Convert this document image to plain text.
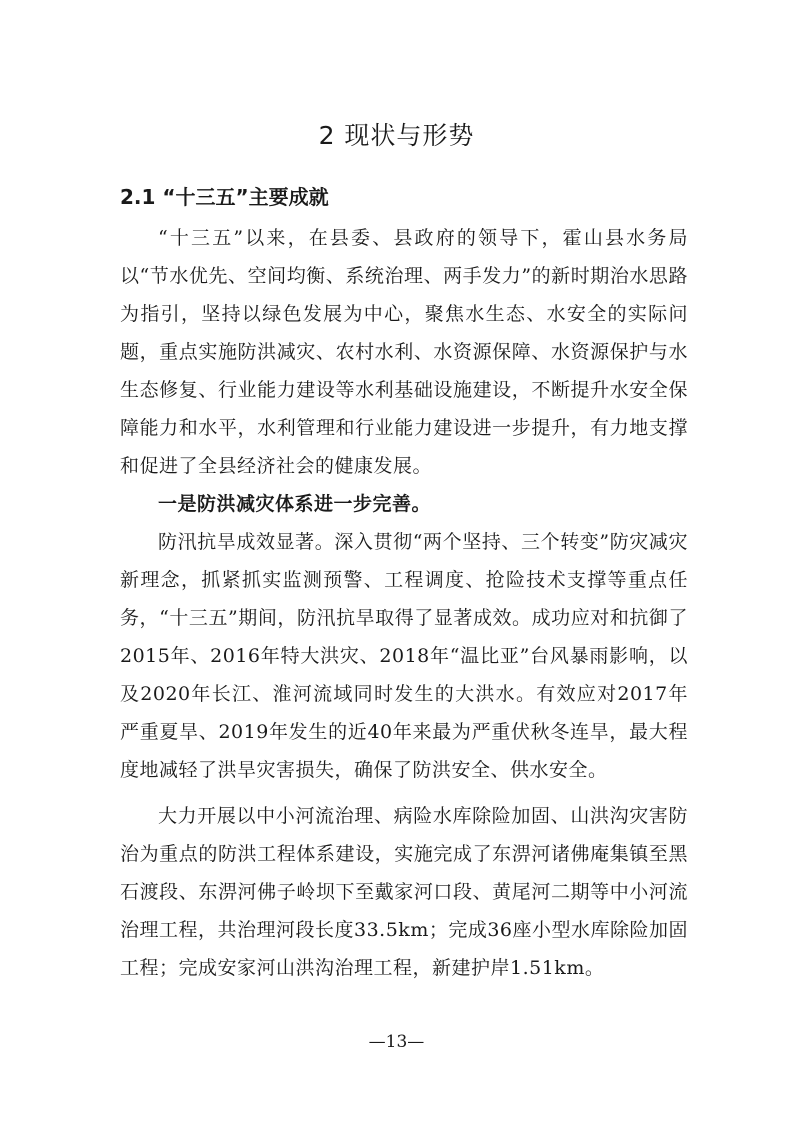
2 现状与形势
2.1 “十三五”主要成就

“十三五”以来，在县委、县政府的领导下，霍山县水务局以“节水优先、空间均衡、系统治理、两手发力”的新时期治水思路为指引，坚持以绿色发展为中心，聚焦水生态、水安全的实际问题，重点实施防洪减灾、农村水利、水资源保障、水资源保护与水生态修复、行业能力建设等水利基础设施建设，不断提升水安全保障能力和水平，水利管理和行业能力建设进一步提升，有力地支撑和促进了全县经济社会的健康发展。

一是防洪减灾体系进一步完善。

防汛抗旱成效显著。深入贯彻“两个坚持、三个转变”防灾减灾新理念，抓紧抓实监测预警、工程调度、抢险技术支撑等重点任务，“十三五”期间，防汛抗旱取得了显著成效。成功应对和抗御了2015年、2016年特大洪灾、2018年“温比亚”台风暴雨影响，以及2020年长江、淮河流域同时发生的大洪水。有效应对2017年严重夏旱、2019年发生的近40年来最为严重伏秋冬连旱，最大程度地减轻了洪旱灾害损失，确保了防洪安全、供水安全。

大力开展以中小河流治理、病险水库除险加固、山洪沟灾害防治为重点的防洪工程体系建设，实施完成了东淠河诸佛庵集镇至黑石渡段、东淠河佛子岭坝下至戴家河口段、黄尾河二期等中小河流治理工程，共治理河段长度33.5km；完成36座小型水库除险加固工程；完成安家河山洪沟治理工程，新建护岸1.51km。

—13—
